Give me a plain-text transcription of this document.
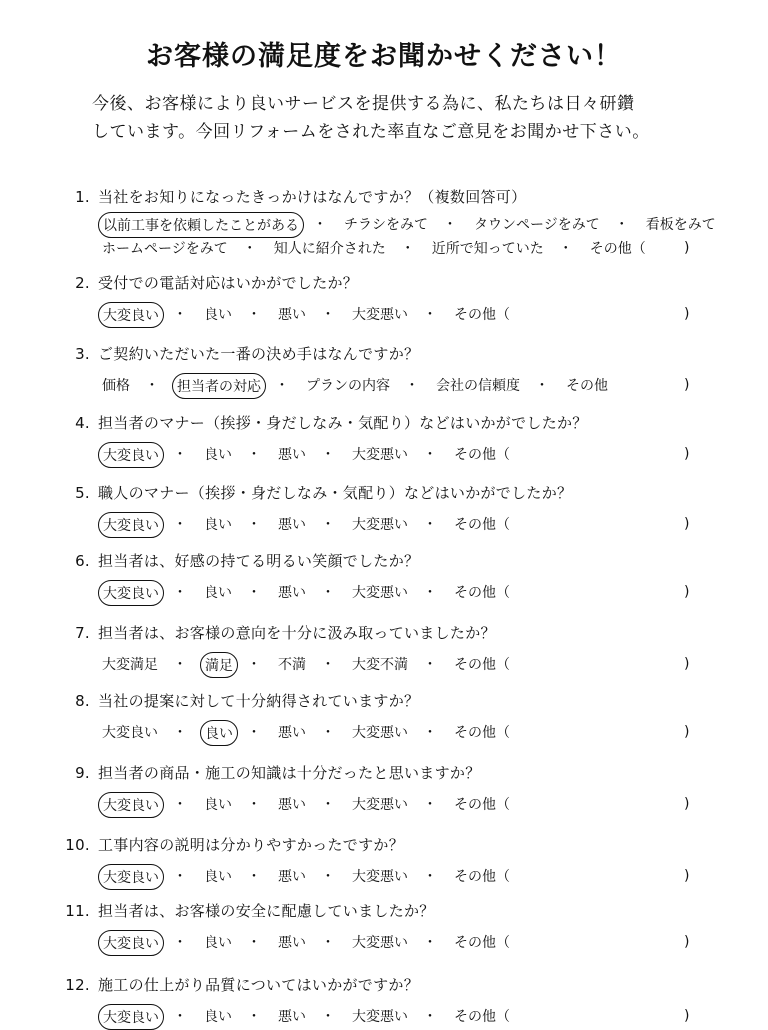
お客様の満足度をお聞かせください！
今後、お客様により良いサービスを提供する為に、私たちは日々研鑽
しています。今回リフォームをされた率直なご意見をお聞かせ下さい。
1. 当社をお知りになったきっかけはなんですか？（複数回答可）
以前工事を依頼したことがある	・ チラシをみて ・ タウンページをみて ・ 看板をみて
ホームページをみて ・ 知人に紹介された ・ 近所で知っていた ・ その他（	)
2. 受付での電話対応はいかがでしたか？
大変良い	・ 良い ・ 悪い ・ 大変悪い ・ その他（	)
3. ご契約いただいた一番の決め手はなんですか？
価格 ・	担当者の対応	・ プランの内容 ・ 会社の信頼度 ・ その他	)
4. 担当者のマナー（挨拶・身だしなみ・気配り）などはいかがでしたか？
大変良い	・ 良い ・ 悪い ・ 大変悪い ・ その他（	)
5. 職人のマナー（挨拶・身だしなみ・気配り）などはいかがでしたか？
大変良い	・ 良い ・ 悪い ・ 大変悪い ・ その他（	)
6. 担当者は、好感の持てる明るい笑顔でしたか？
大変良い	・ 良い ・ 悪い ・ 大変悪い ・ その他（	)
7. 担当者は、お客様の意向を十分に汲み取っていましたか？
大変満足 ・	満足	・ 不満 ・ 大変不満 ・ その他（	)
8. 当社の提案に対して十分納得されていますか？
大変良い ・	良い	・ 悪い ・ 大変悪い ・ その他（	)
9. 担当者の商品・施工の知識は十分だったと思いますか？
大変良い	・ 良い ・ 悪い ・ 大変悪い ・ その他（	)
10. 工事内容の説明は分かりやすかったですか？
大変良い	・ 良い ・ 悪い ・ 大変悪い ・ その他（	)
11. 担当者は、お客様の安全に配慮していましたか？
大変良い	・ 良い ・ 悪い ・ 大変悪い ・ その他（	)
12. 施工の仕上がり品質についてはいかがですか？
大変良い	・ 良い ・ 悪い ・ 大変悪い ・ その他（	)
